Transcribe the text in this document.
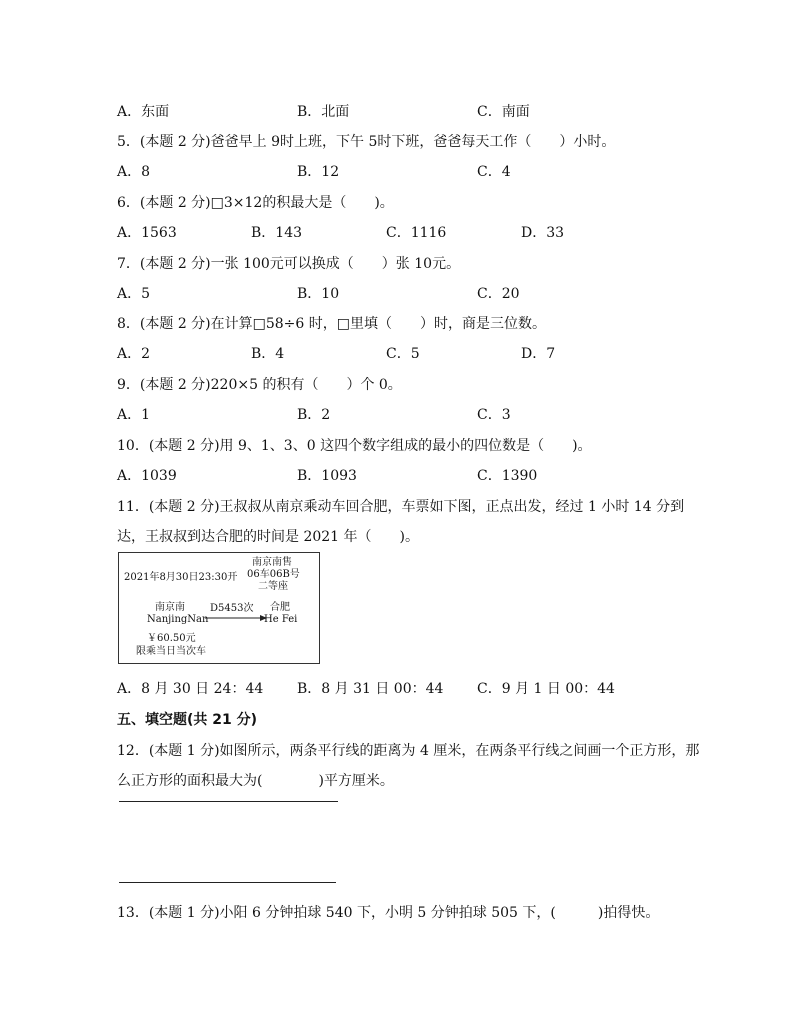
A．东面	B．北面	C．南面
5．(本题 2 分)爸爸早上 9时上班，下午 5时下班，爸爸每天工作（　　）小时。
A．8	B．12	C．4
6．(本题 2 分)□3×12的积最大是（　　)。
A．1563	B．143	C．1116	D．33
7．(本题 2 分)一张 100元可以换成（　　）张 10元。
A．5	B．10	C．20
8．(本题 2 分)在计算□58÷6 时，□里填（　　）时，商是三位数。
A．2	B．4	C．5	D．7
9．(本题 2 分)220×5 的积有（　　）个 0。
A．1	B．2	C．3
10．(本题 2 分)用 9、1、3、0 这四个数字组成的最小的四位数是（　　)。
A．1039	B．1093	C．1390
11．(本题 2 分)王叔叔从南京乘动车回合肥，车票如下图，正点出发，经过 1 小时 14 分到
达，王叔叔到达合肥的时间是 2021 年（　　)。
南京南售
06车06B号
二等座
2021年8月30日23:30开
南京南
NanjingNan
D5453次 合肥
He Fei
￥60.50元
限乘当日当次车
A．8 月 30 日 24：44 B．8 月 31 日 00：44 C．9 月 1 日 00：44
五、填空题(共 21 分)
12．(本题 1 分)如图所示，两条平行线的距离为 4 厘米，在两条平行线之间画一个正方形，那
么正方形的面积最大为(　　　　)平方厘米。
13．(本题 1 分)小阳 6 分钟拍球 540 下，小明 5 分钟拍球 505 下，(　　　)拍得快。
